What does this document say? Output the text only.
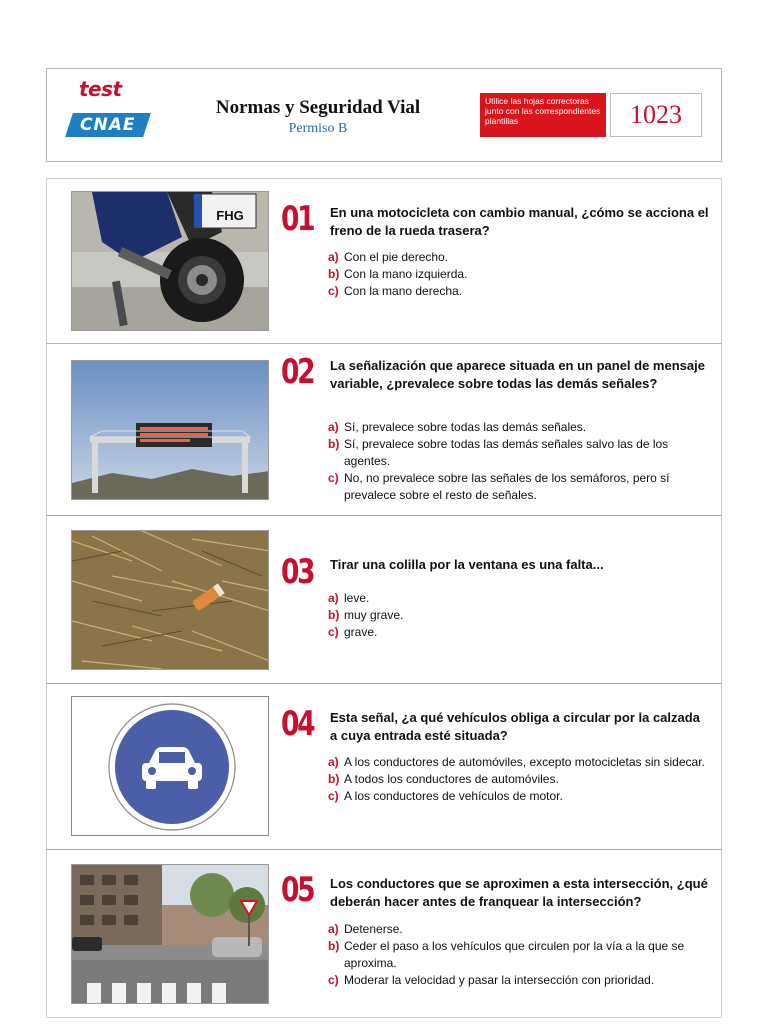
test
CNAE
Normas y Seguridad Vial
Permiso B
Utilice las hojas correctoras junto con las correspondientes plantillas	1023
FHG 01 En una motocicleta con cambio manual, ¿cómo se acciona el freno de la rueda trasera?
a) Con el pie derecho.
b) Con la mano izquierda.
c) Con la mano derecha.
02 La señalización que aparece situada en un panel de mensaje variable, ¿prevalece sobre todas las demás señales?
a) Sí, prevalece sobre todas las demás señales.
b) Sí, prevalece sobre todas las demás señales salvo las de los agentes.
c) No, no prevalece sobre las señales de los semáforos, pero sí prevalece sobre el resto de señales.
03 Tirar una colilla por la ventana es una falta...
a) leve.
b) muy grave.
c) grave.
04 Esta señal, ¿a qué vehículos obliga a circular por la calzada a cuya entrada esté situada?
a) A los conductores de automóviles, excepto motocicletas sin sidecar.
b) A todos los conductores de automóviles.
c) A los conductores de vehículos de motor.
05 Los conductores que se aproximen a esta intersección, ¿qué deberán hacer antes de franquear la intersección?
a) Detenerse.
b) Ceder el paso a los vehículos que circulen por la vía a la que se aproxima.
c) Moderar la velocidad y pasar la intersección con prioridad.
